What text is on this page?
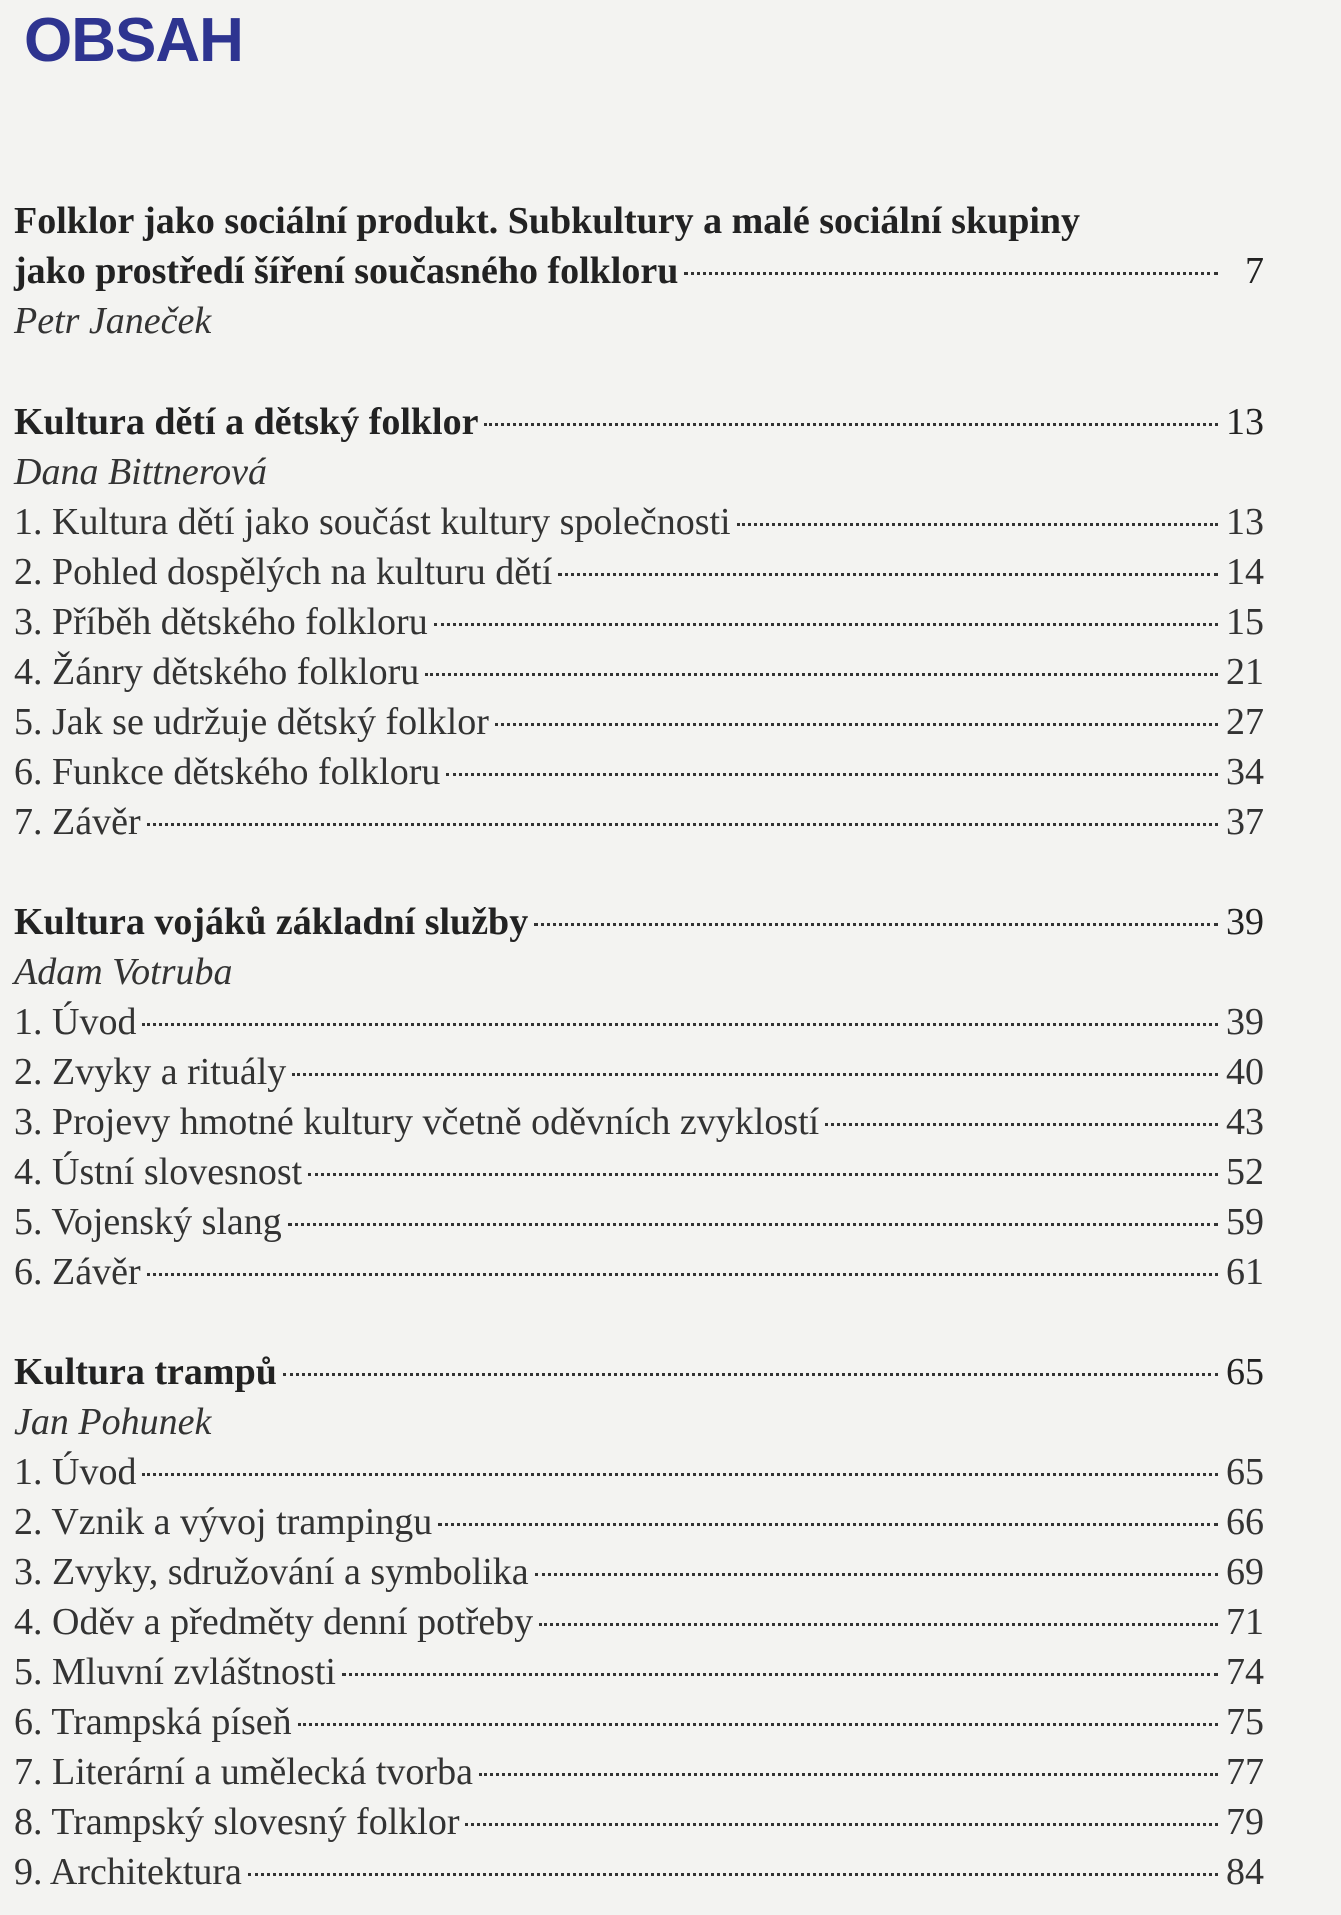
OBSAH
Folklor jako sociální produkt. Subkultury a malé sociální skupiny
jako prostředí šíření současného folkloru	7
Petr Janeček
Kultura dětí a dětský folklor	13
Dana Bittnerová
1. Kultura dětí jako součást kultury společnosti	13
2. Pohled dospělých na kulturu dětí	14
3. Příběh dětského folkloru	15
4. Žánry dětského folkloru	21
5. Jak se udržuje dětský folklor	27
6. Funkce dětského folkloru	34
7. Závěr	37
Kultura vojáků základní služby	39
Adam Votruba
1. Úvod	39
2. Zvyky a rituály	40
3. Projevy hmotné kultury včetně oděvních zvyklostí	43
4. Ústní slovesnost	52
5. Vojenský slang	59
6. Závěr	61
Kultura trampů	65
Jan Pohunek
1. Úvod	65
2. Vznik a vývoj trampingu	66
3. Zvyky, sdružování a symbolika	69
4. Oděv a předměty denní potřeby	71
5. Mluvní zvláštnosti	74
6. Trampská píseň	75
7. Literární a umělecká tvorba	77
8. Trampský slovesný folklor	79
9. Architektura	84
